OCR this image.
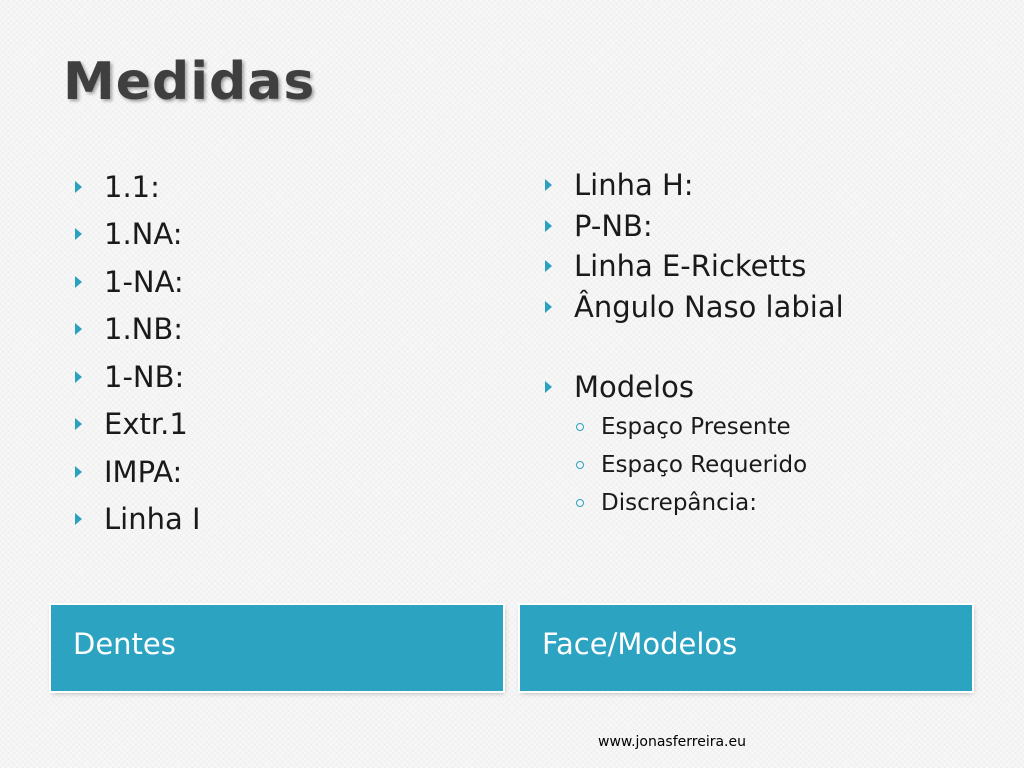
Medidas
1.1:
1.NA:
1-NA:
1.NB:
1-NB:
Extr.1
IMPA:
Linha I
Linha H:
P-NB:
Linha E-Ricketts
Ângulo Naso labial
Modelos
Espaço Presente
Espaço Requerido
Discrepância:
Dentes	Face/Modelos
www.jonasferreira.eu
